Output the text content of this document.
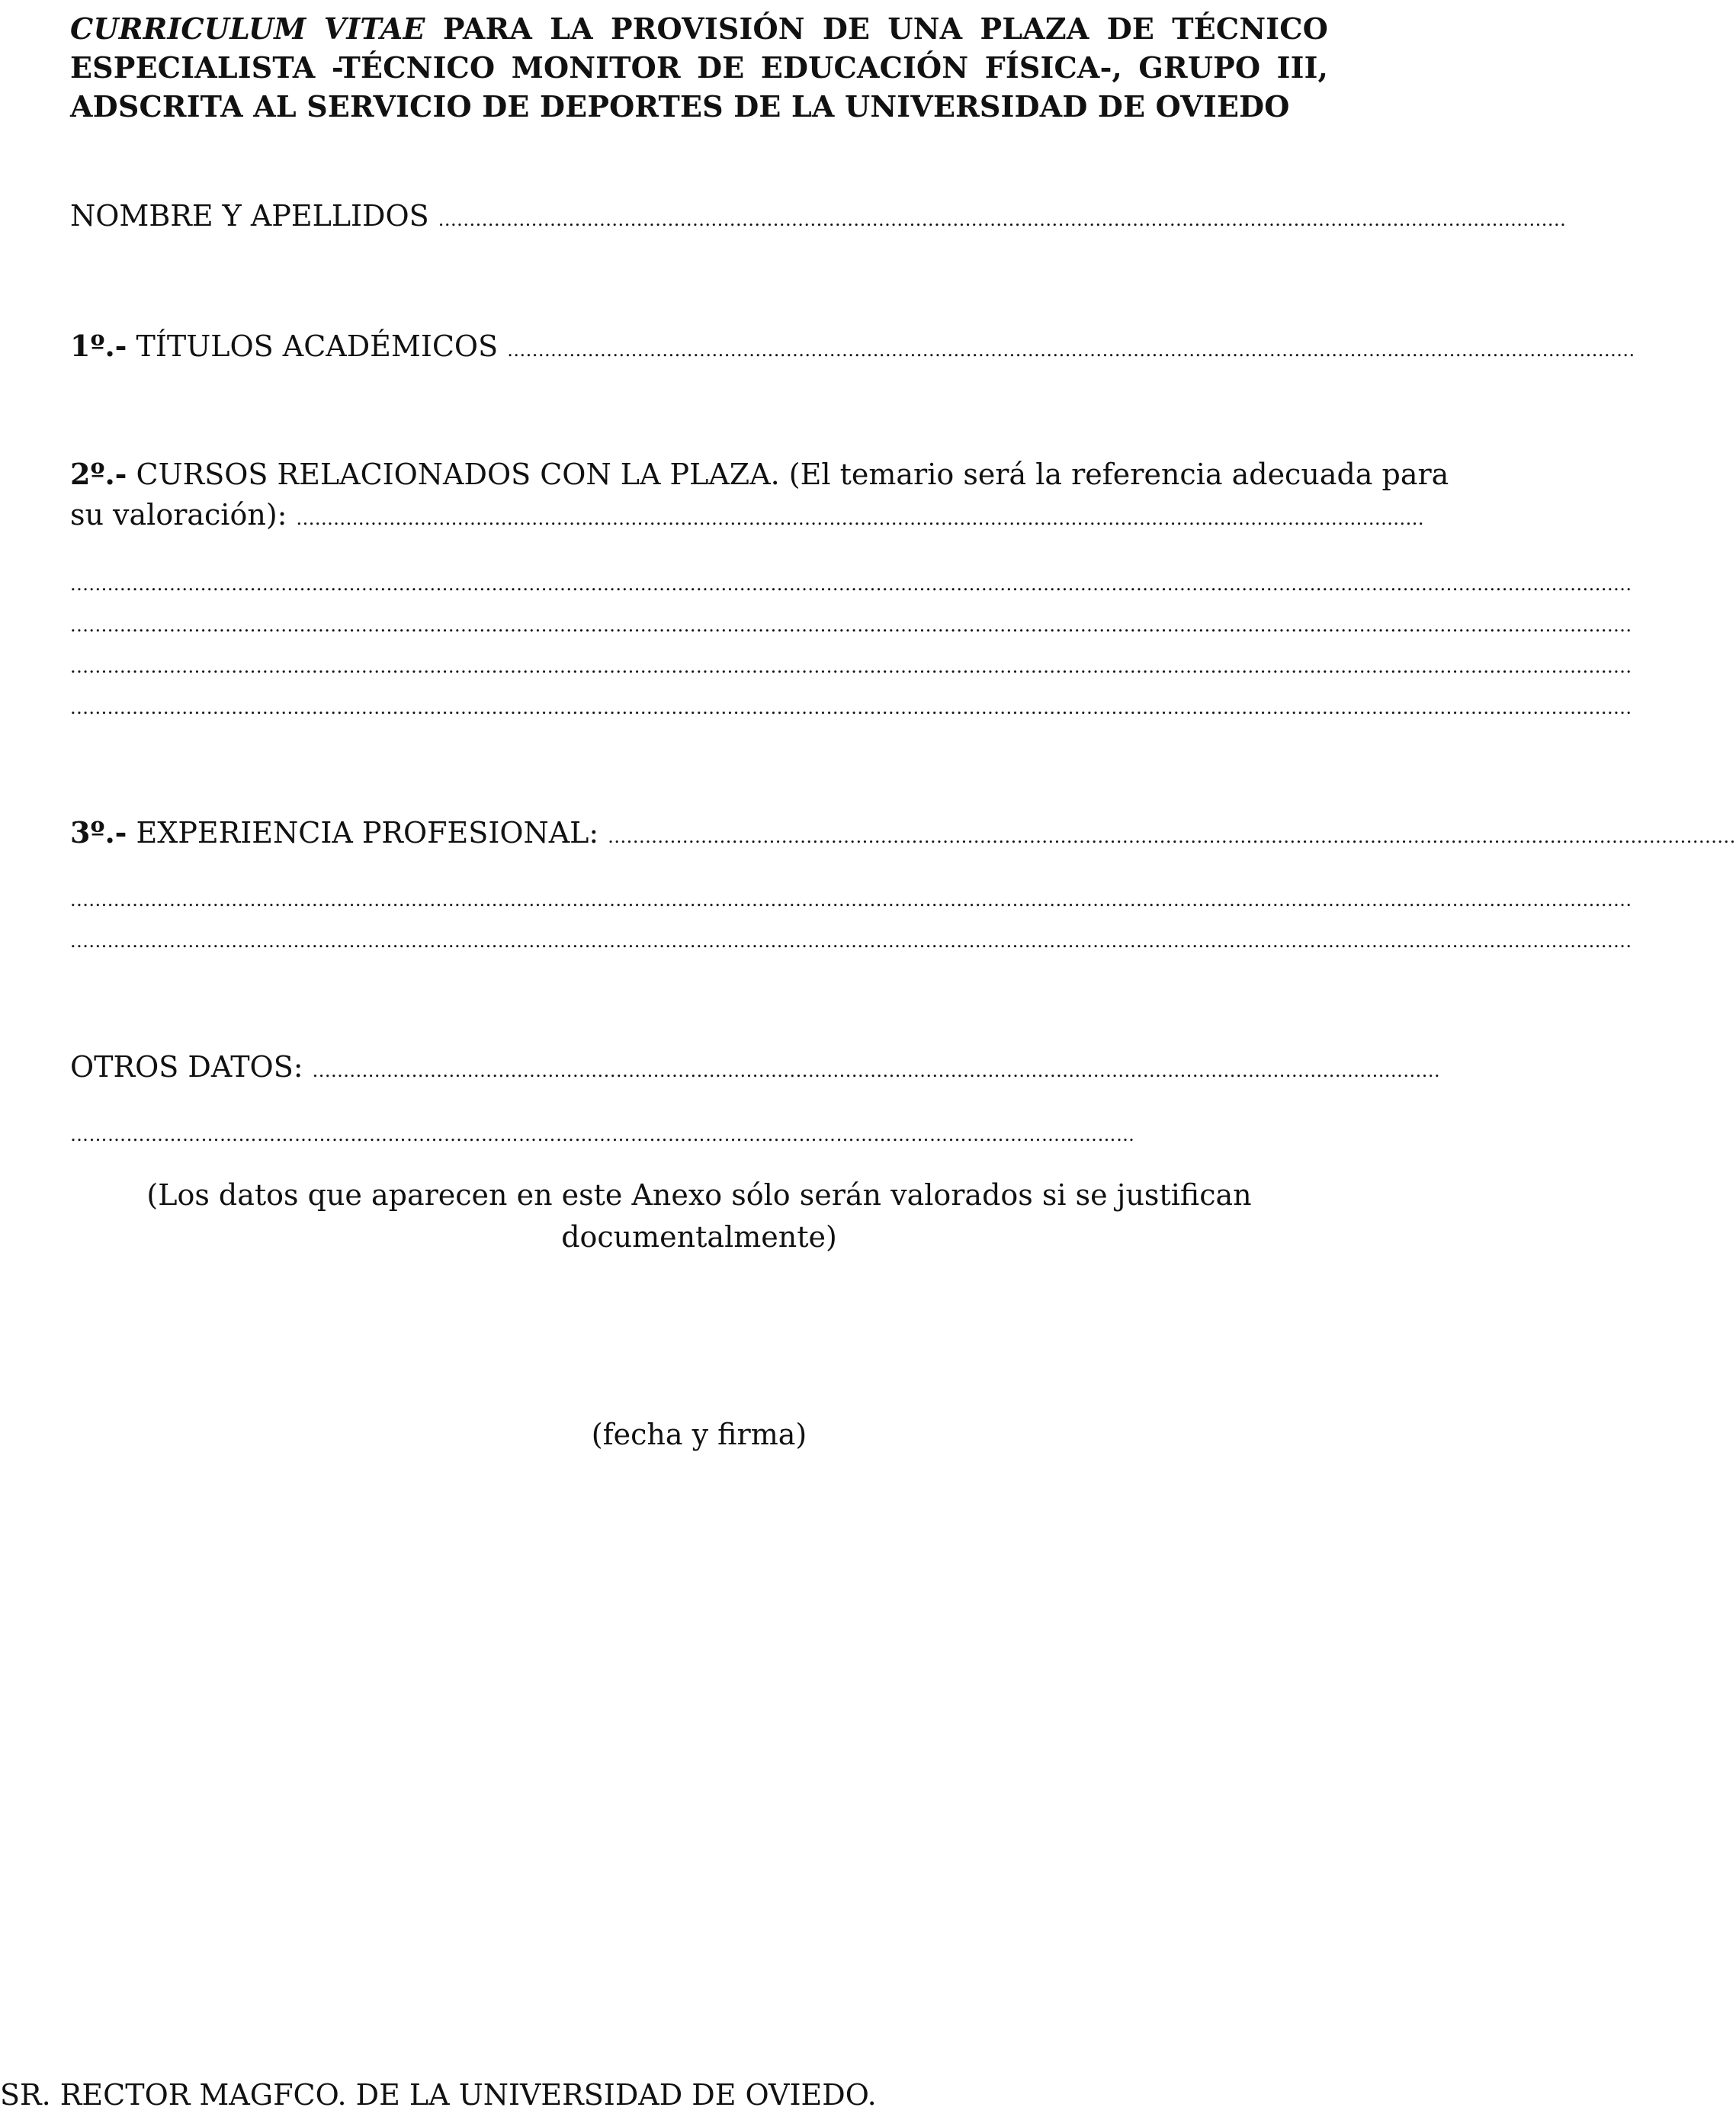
CURRICULUM VITAE PARA LA PROVISIÓN DE UNA PLAZA DE TÉCNICO ESPECIALISTA -TÉCNICO MONITOR DE EDUCACIÓN FÍSICA-, GRUPO III, ADSCRITA AL SERVICIO DE DEPORTES DE LA UNIVERSIDAD DE OVIEDO
NOMBRE Y APELLIDOS ......................................................................................................................................................................................
1º.- TÍTULOS ACADÉMICOS ......................................................................................................................................................................................
2º.- CURSOS RELACIONADOS CON LA PLAZA. (El temario será la referencia adecuada para
su valoración): ......................................................................................................................................................................................
............................................................................................................................................................................................................................................................
............................................................................................................................................................................................................................................................
............................................................................................................................................................................................................................................................
............................................................................................................................................................................................................................................................
3º.- EXPERIENCIA PROFESIONAL: ......................................................................................................................................................................................
............................................................................................................................................................................................................................................................
............................................................................................................................................................................................................................................................
OTROS DATOS: ......................................................................................................................................................................................
………………………………………………………………………………………………………………………………………………………
(Los datos que aparecen en este Anexo sólo serán valorados si se justifican
documentalmente)
(fecha y firma)
SR. RECTOR MAGFCO. DE LA UNIVERSIDAD DE OVIEDO.
